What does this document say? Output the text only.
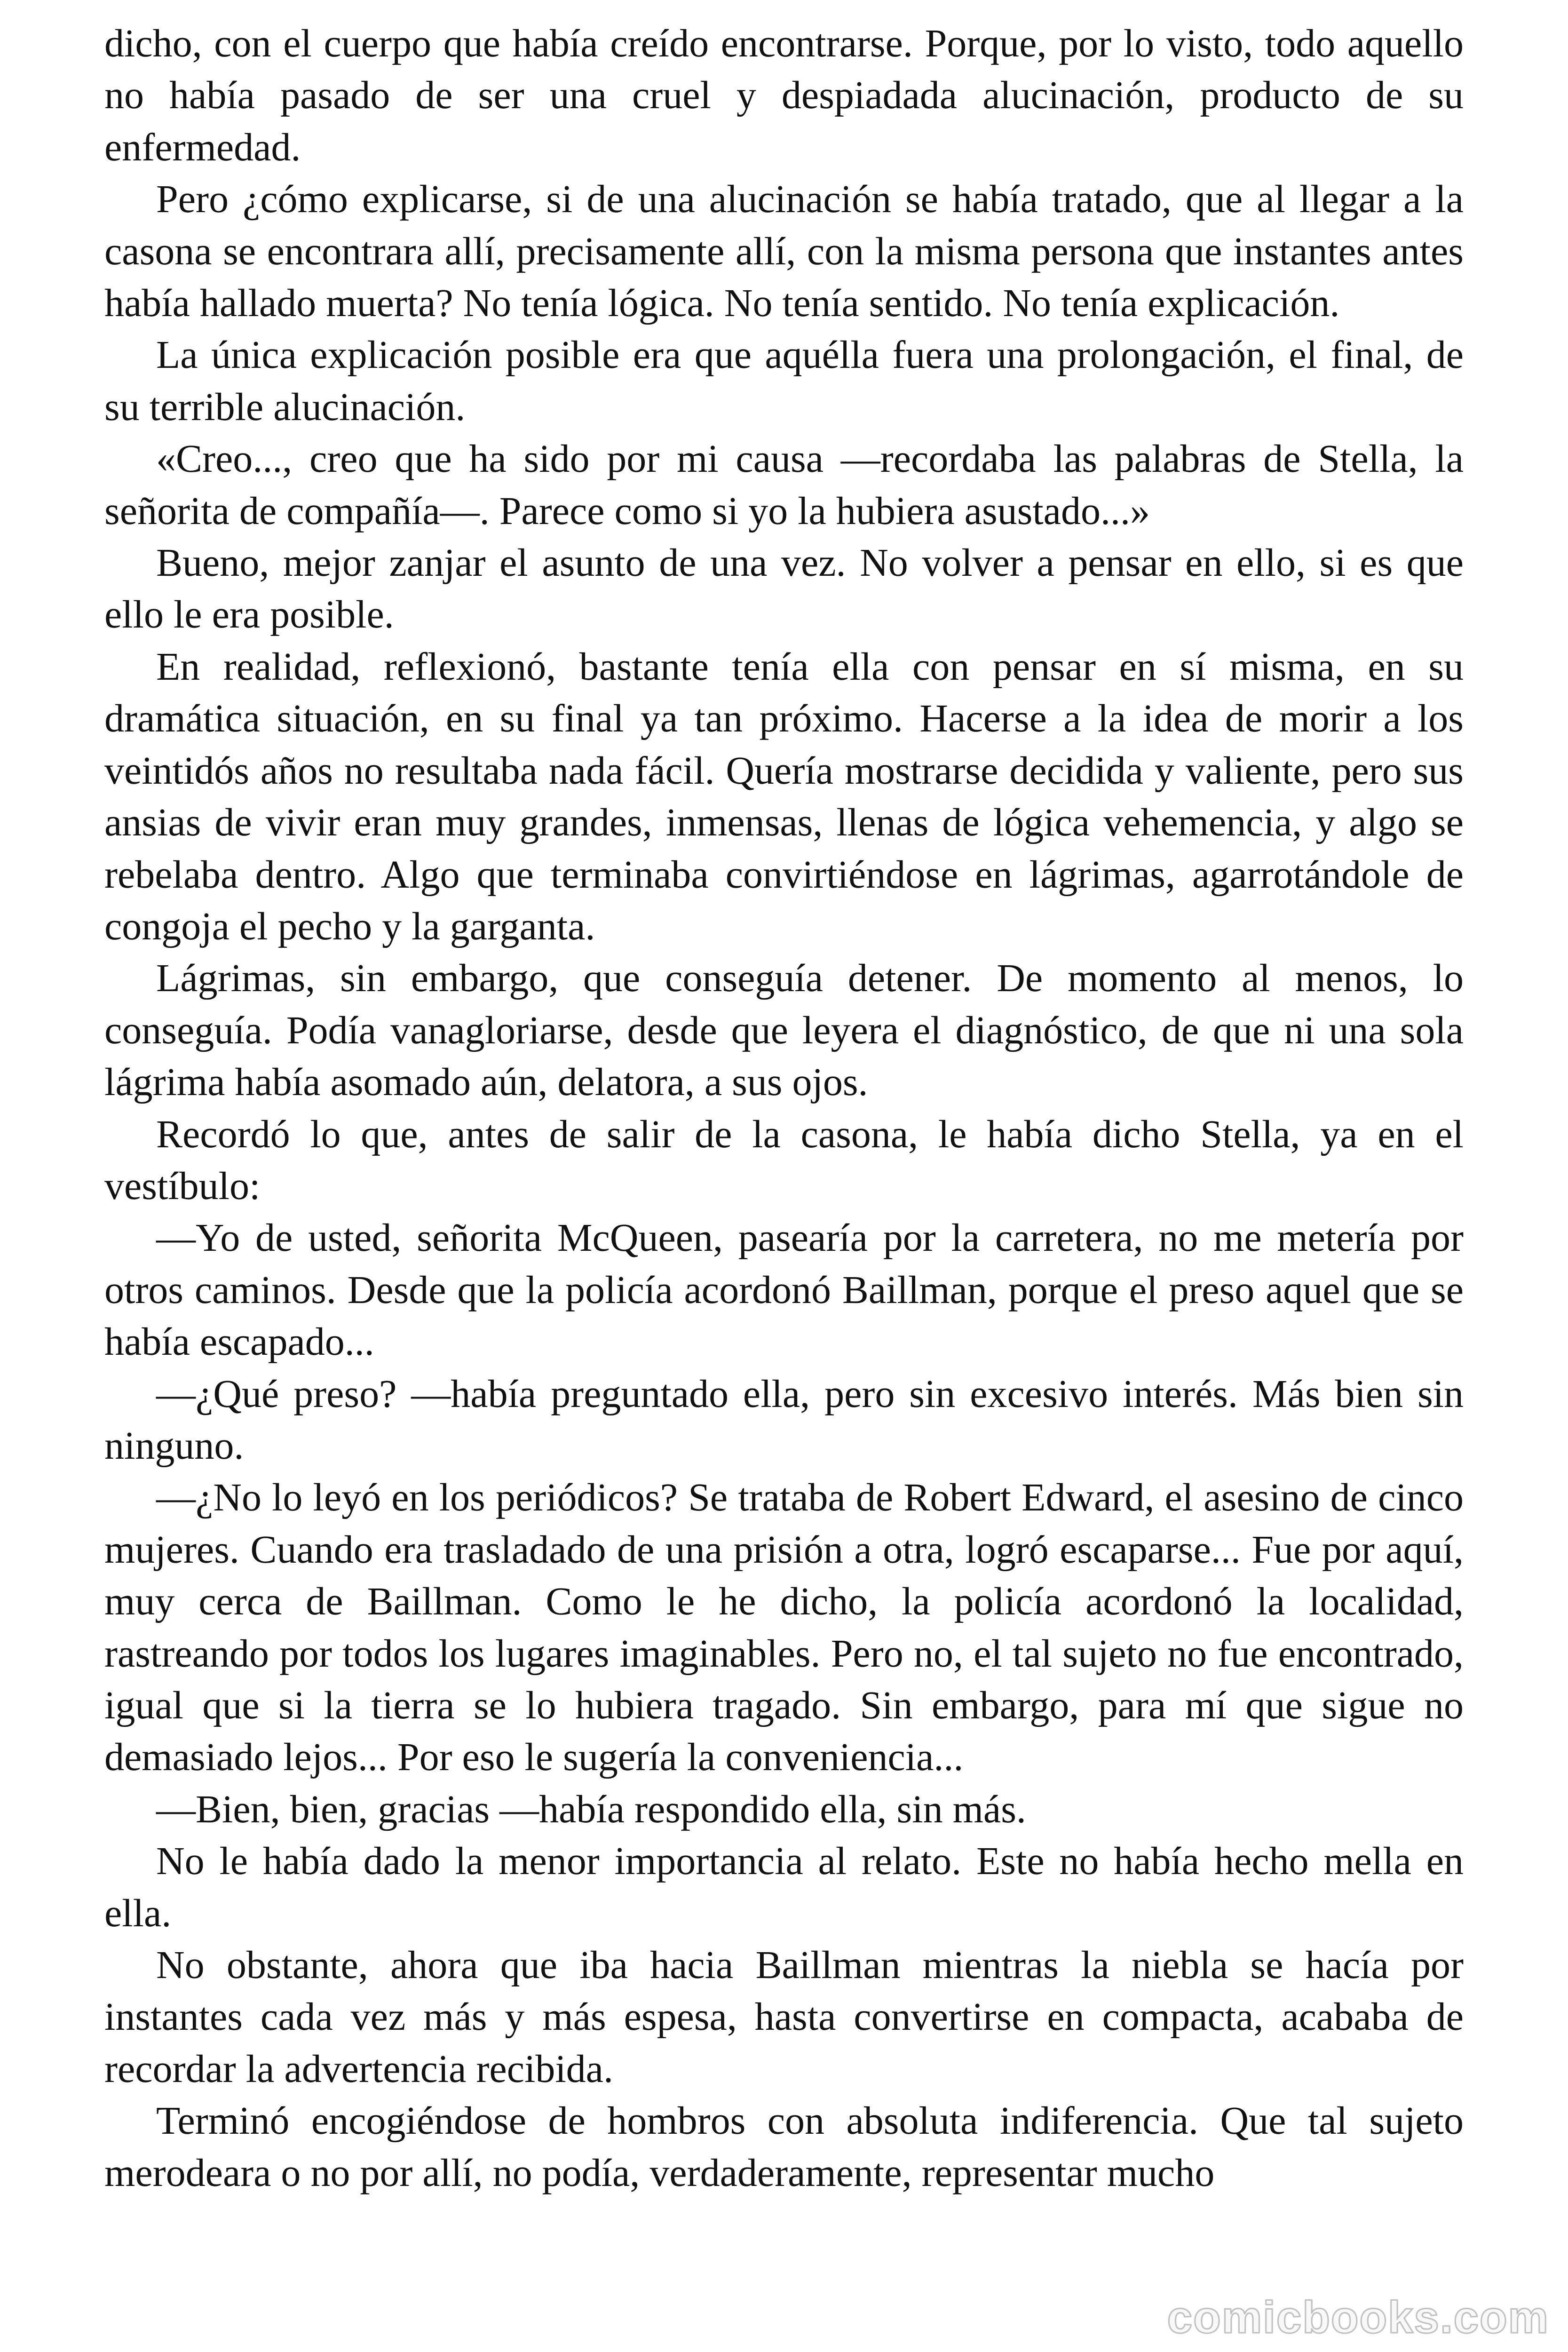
dicho, con el cuerpo que había creído encontrarse. Porque, por lo visto, todo aquello no había pasado de ser una cruel y despiadada alucinación, producto de su enfermedad.

Pero ¿cómo explicarse, si de una alucinación se había tratado, que al llegar a la casona se encontrara allí, precisamente allí, con la misma persona que instantes antes había hallado muerta? No tenía lógica. No tenía sentido. No tenía explicación.

La única explicación posible era que aquélla fuera una prolongación, el final, de su terrible alucinación.

«Creo..., creo que ha sido por mi causa —recordaba las palabras de Stella, la señorita de compañía—. Parece como si yo la hubiera asustado...»

Bueno, mejor zanjar el asunto de una vez. No volver a pensar en ello, si es que ello le era posible.

En realidad, reflexionó, bastante tenía ella con pensar en sí misma, en su dramática situación, en su final ya tan próximo. Hacerse a la idea de morir a los veintidós años no resultaba nada fácil. Quería mostrarse decidida y valiente, pero sus ansias de vivir eran muy grandes, inmensas, llenas de lógica vehemencia, y algo se rebelaba dentro. Algo que terminaba convirtiéndose en lágrimas, agarrotándole de congoja el pecho y la garganta.

Lágrimas, sin embargo, que conseguía detener. De momento al menos, lo conseguía. Podía vanagloriarse, desde que leyera el diagnóstico, de que ni una sola lágrima había asomado aún, delatora, a sus ojos.

Recordó lo que, antes de salir de la casona, le había dicho Stella, ya en el vestíbulo:

—Yo de usted, señorita McQueen, pasearía por la carretera, no me metería por otros caminos. Desde que la policía acordonó Baillman, porque el preso aquel que se había escapado...

—¿Qué preso? —había preguntado ella, pero sin excesivo interés. Más bien sin ninguno.

—¿No lo leyó en los periódicos? Se trataba de Robert Edward, el asesino de cinco mujeres. Cuando era trasladado de una prisión a otra, logró escaparse... Fue por aquí, muy cerca de Baillman. Como le he dicho, la policía acordonó la localidad, rastreando por todos los lugares imaginables. Pero no, el tal sujeto no fue encontrado, igual que si la tierra se lo hubiera tragado. Sin embargo, para mí que sigue no demasiado lejos... Por eso le sugería la conveniencia...

—Bien, bien, gracias —había respondido ella, sin más.

No le había dado la menor importancia al relato. Este no había hecho mella en ella.

No obstante, ahora que iba hacia Baillman mientras la niebla se hacía por instantes cada vez más y más espesa, hasta convertirse en compacta, acababa de recordar la advertencia recibida.

Terminó encogiéndose de hombros con absoluta indiferencia. Que tal sujeto merodeara o no por allí, no podía, verdaderamente, representar mucho

comicbooks.com
